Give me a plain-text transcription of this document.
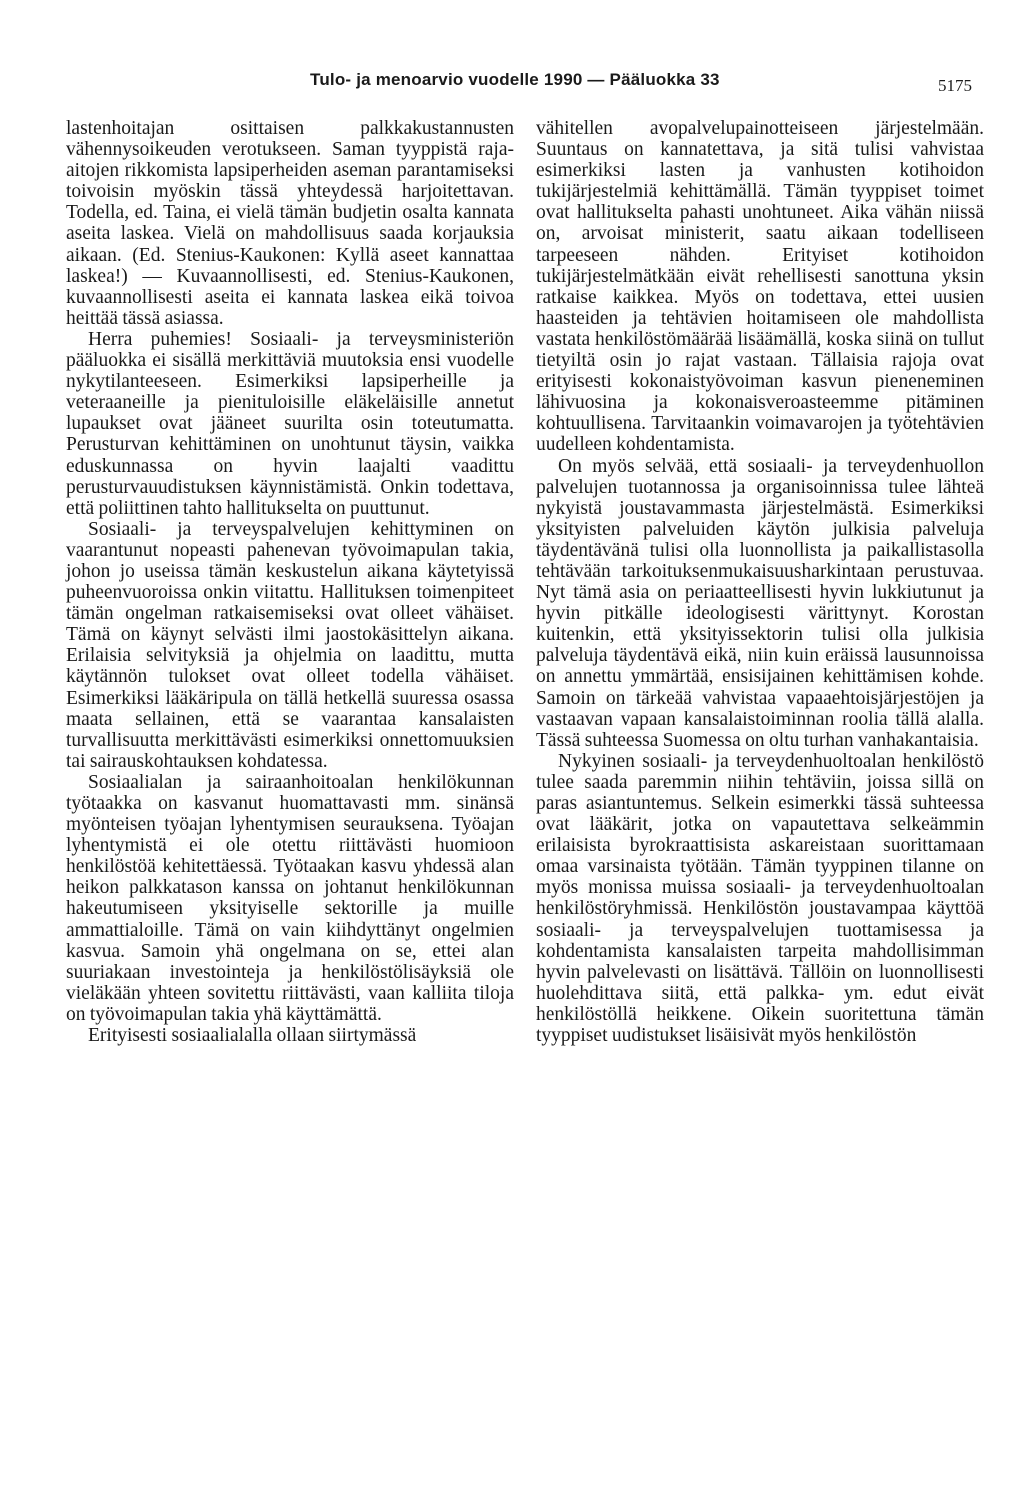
Tulo- ja menoarvio vuodelle 1990 — Pääluokka 33	5175

lastenhoitajan osittaisen palkkakustannusten vähennysoikeuden verotukseen. Saman tyyppistä raja-aitojen rikkomista lapsiperheiden aseman parantamiseksi toivoisin myöskin tässä yhteydessä harjoitettavan. Todella, ed. Taina, ei vielä tämän budjetin osalta kannata aseita laskea. Vielä on mahdollisuus saada korjauksia aikaan. (Ed. Stenius-Kaukonen: Kyllä aseet kannattaa laskea!) — Kuvaannollisesti, ed. Stenius-Kaukonen, kuvaannollisesti aseita ei kannata laskea eikä toivoa heittää tässä asiassa.

Herra puhemies! Sosiaali- ja terveysministeriön pääluokka ei sisällä merkittäviä muutoksia ensi vuodelle nykytilanteeseen. Esimerkiksi lapsiperheille ja veteraaneille ja pienituloisille eläkeläisille annetut lupaukset ovat jääneet suurilta osin toteutumatta. Perusturvan kehittäminen on unohtunut täysin, vaikka eduskunnassa on hyvin laajalti vaadittu perusturvauudistuksen käynnistämistä. Onkin todettava, että poliittinen tahto hallitukselta on puuttunut.

Sosiaali- ja terveyspalvelujen kehittyminen on vaarantunut nopeasti pahenevan työvoimapulan takia, johon jo useissa tämän keskustelun aikana käytetyissä puheenvuoroissa onkin viitattu. Hallituksen toimenpiteet tämän ongelman ratkaisemiseksi ovat olleet vähäiset. Tämä on käynyt selvästi ilmi jaostokäsittelyn aikana. Erilaisia selvityksiä ja ohjelmia on laadittu, mutta käytännön tulokset ovat olleet todella vähäiset. Esimerkiksi lääkäripula on tällä hetkellä suuressa osassa maata sellainen, että se vaarantaa kansalaisten turvallisuutta merkittävästi esimerkiksi onnettomuuksien tai sairauskohtauksen kohdatessa.

Sosiaalialan ja sairaanhoitoalan henkilökunnan työtaakka on kasvanut huomattavasti mm. sinänsä myönteisen työajan lyhentymisen seurauksena. Työajan lyhentymistä ei ole otettu riittävästi huomioon henkilöstöä kehitettäessä. Työtaakan kasvu yhdessä alan heikon palkkatason kanssa on johtanut henkilökunnan hakeutumiseen yksityiselle sektorille ja muille ammattialoille. Tämä on vain kiihdyttänyt ongelmien kasvua. Samoin yhä ongelmana on se, ettei alan suuriakaan investointeja ja henkilöstölisäyksiä ole vieläkään yhteen sovitettu riittävästi, vaan kalliita tiloja on työvoimapulan takia yhä käyttämättä.

Erityisesti sosiaalialalla ollaan siirtymässä

vähitellen avopalvelupainotteiseen järjestelmään. Suuntaus on kannatettava, ja sitä tulisi vahvistaa esimerkiksi lasten ja vanhusten kotihoidon tukijärjestelmiä kehittämällä. Tämän tyyppiset toimet ovat hallitukselta pahasti unohtuneet. Aika vähän niissä on, arvoisat ministerit, saatu aikaan todelliseen tarpeeseen nähden. Erityiset kotihoidon tukijärjestelmätkään eivät rehellisesti sanottuna yksin ratkaise kaikkea. Myös on todettava, ettei uusien haasteiden ja tehtävien hoitamiseen ole mahdollista vastata henkilöstömäärää lisäämällä, koska siinä on tullut tietyiltä osin jo rajat vastaan. Tällaisia rajoja ovat erityisesti kokonaistyövoiman kasvun pieneneminen lähivuosina ja kokonaisveroasteemme pitäminen kohtuullisena. Tarvitaankin voimavarojen ja työtehtävien uudelleen kohdentamista.

On myös selvää, että sosiaali- ja terveydenhuollon palvelujen tuotannossa ja organisoinnissa tulee lähteä nykyistä joustavammasta järjestelmästä. Esimerkiksi yksityisten palveluiden käytön julkisia palveluja täydentävänä tulisi olla luonnollista ja paikallistasolla tehtävään tarkoituksenmukaisuusharkintaan perustuvaa. Nyt tämä asia on periaatteellisesti hyvin lukkiutunut ja hyvin pitkälle ideologisesti värittynyt. Korostan kuitenkin, että yksityissektorin tulisi olla julkisia palveluja täydentävä eikä, niin kuin eräissä lausunnoissa on annettu ymmärtää, ensisijainen kehittämisen kohde. Samoin on tärkeää vahvistaa vapaaehtoisjärjestöjen ja vastaavan vapaan kansalaistoiminnan roolia tällä alalla. Tässä suhteessa Suomessa on oltu turhan vanhakantaisia.

Nykyinen sosiaali- ja terveydenhuoltoalan henkilöstö tulee saada paremmin niihin tehtäviin, joissa sillä on paras asiantuntemus. Selkein esimerkki tässä suhteessa ovat lääkärit, jotka on vapautettava selkeämmin erilaisista byrokraattisista askareistaan suorittamaan omaa varsinaista työtään. Tämän tyyppinen tilanne on myös monissa muissa sosiaali- ja terveydenhuoltoalan henkilöstöryhmissä. Henkilöstön joustavampaa käyttöä sosiaali- ja terveyspalvelujen tuottamisessa ja kohdentamista kansalaisten tarpeita mahdollisimman hyvin palvelevasti on lisättävä. Tällöin on luonnollisesti huolehdittava siitä, että palkka- ym. edut eivät henkilöstöllä heikkene. Oikein suoritettuna tämän tyyppiset uudistukset lisäisivät myös henkilöstön
